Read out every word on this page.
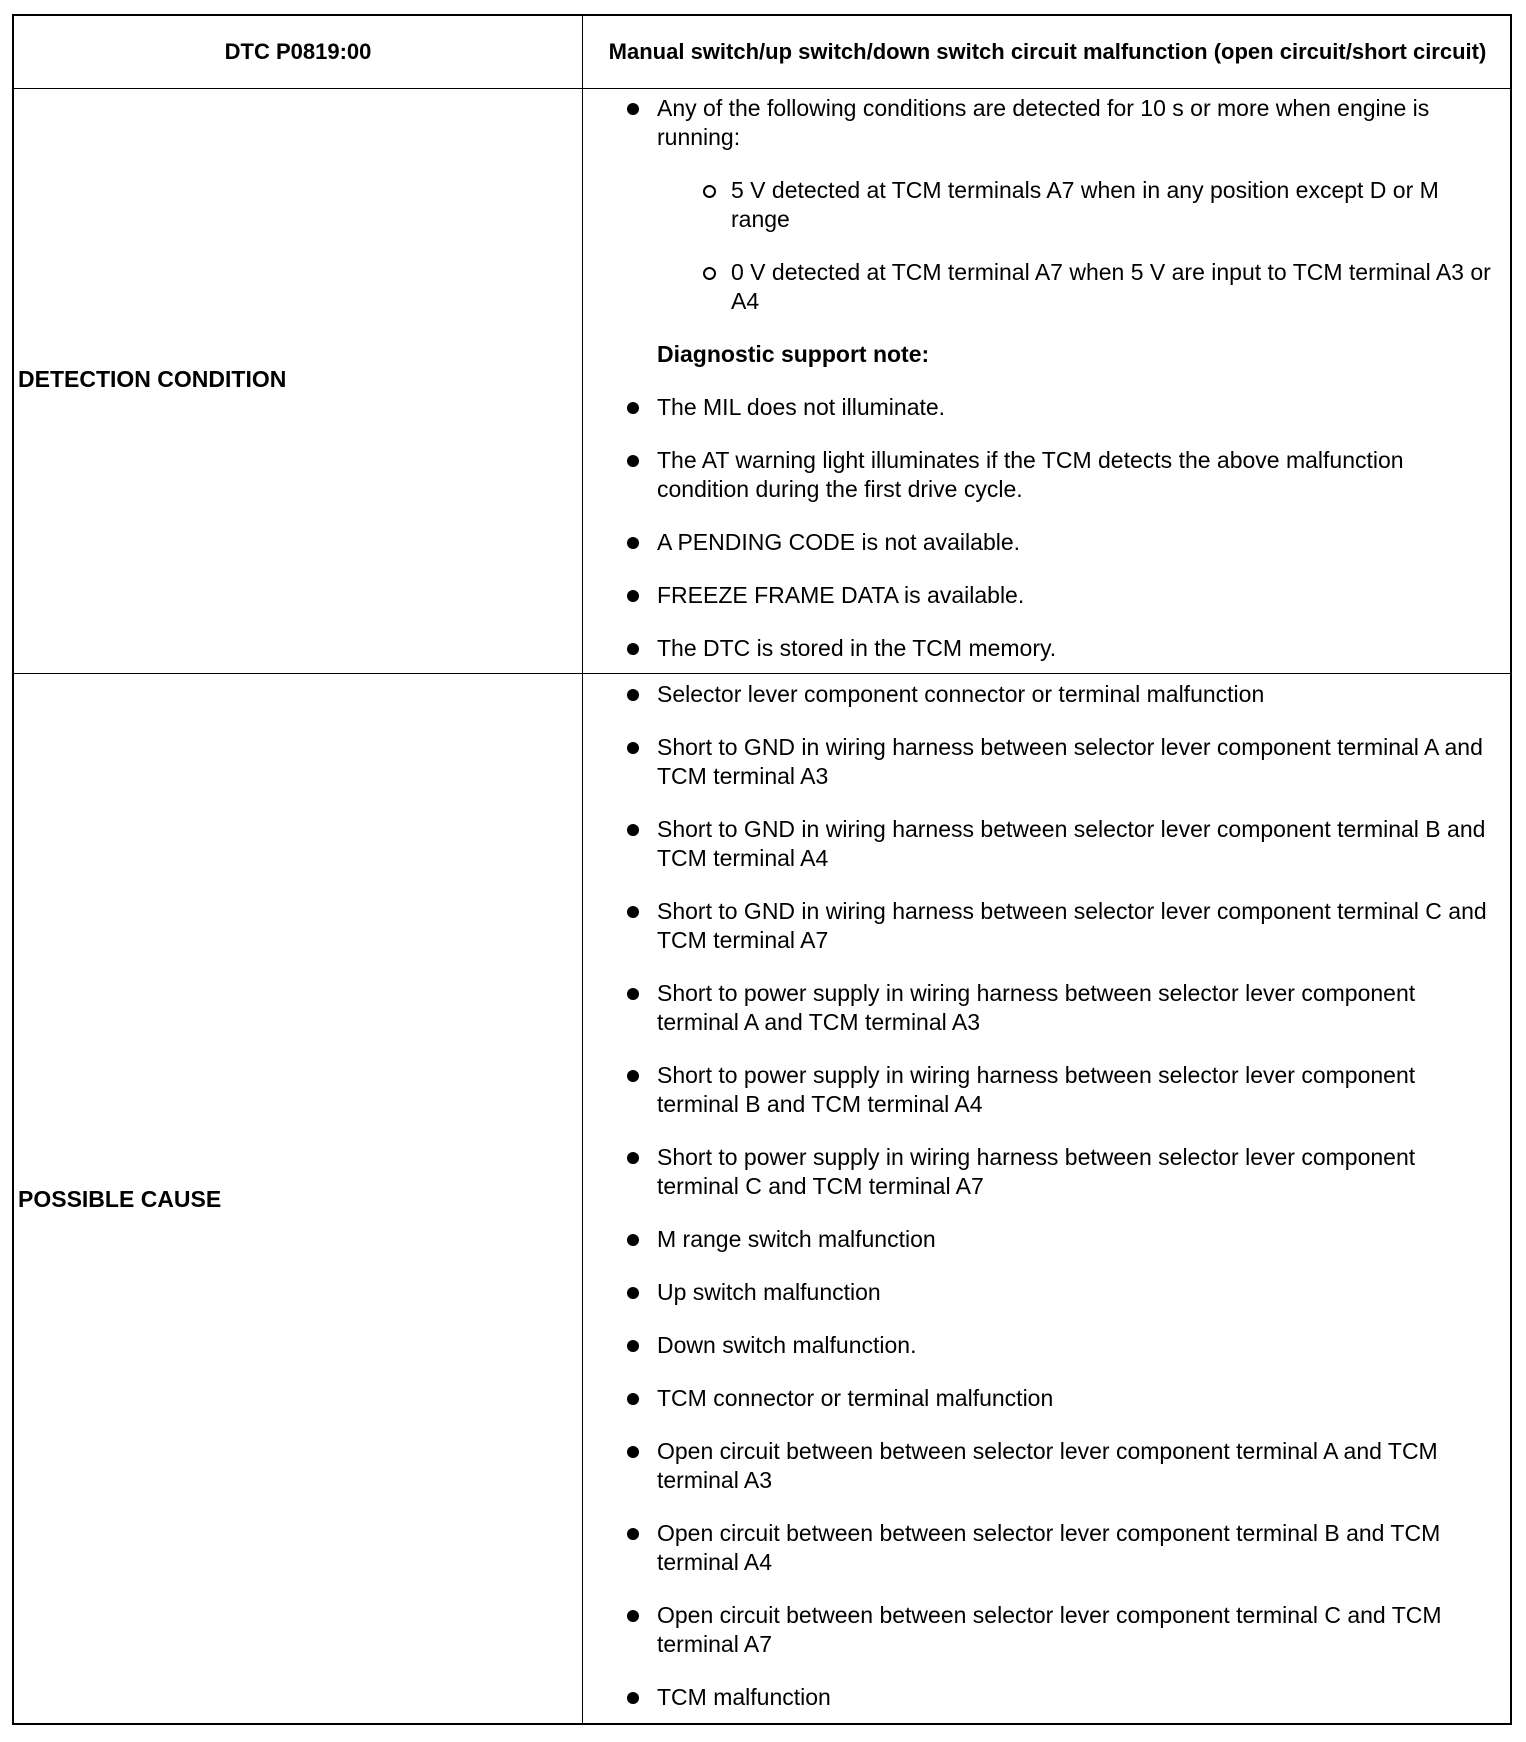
DTC P0819:00	Manual switch/up switch/down switch circuit malfunction (open circuit/short circuit)
DETECTION CONDITION
Any of the following conditions are detected for 10 s or more when engine is running:
5 V detected at TCM terminals A7 when in any position except D or M range
0 V detected at TCM terminal A7 when 5 V are input to TCM terminal A3 or A4
Diagnostic support note:
The MIL does not illuminate.
The AT warning light illuminates if the TCM detects the above malfunction condition during the first drive cycle.
A PENDING CODE is not available.
FREEZE FRAME DATA is available.
The DTC is stored in the TCM memory.
POSSIBLE CAUSE
Selector lever component connector or terminal malfunction
Short to GND in wiring harness between selector lever component terminal A and TCM terminal A3
Short to GND in wiring harness between selector lever component terminal B and TCM terminal A4
Short to GND in wiring harness between selector lever component terminal C and TCM terminal A7
Short to power supply in wiring harness between selector lever component terminal A and TCM terminal A3
Short to power supply in wiring harness between selector lever component terminal B and TCM terminal A4
Short to power supply in wiring harness between selector lever component terminal C and TCM terminal A7
M range switch malfunction
Up switch malfunction
Down switch malfunction.
TCM connector or terminal malfunction
Open circuit between between selector lever component terminal A and TCM terminal A3
Open circuit between between selector lever component terminal B and TCM terminal A4
Open circuit between between selector lever component terminal C and TCM terminal A7
TCM malfunction
